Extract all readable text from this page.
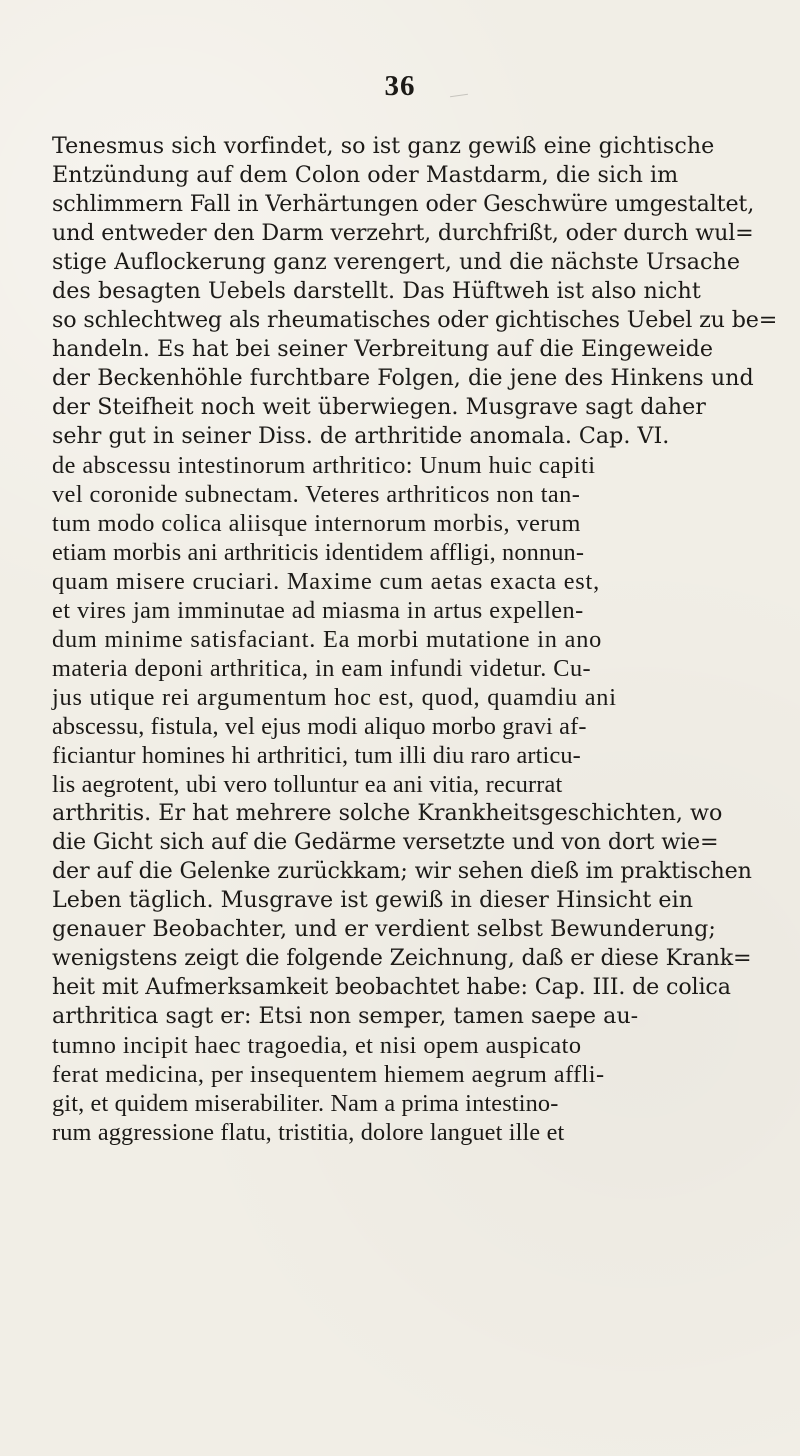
36
Tenesmus sich vorfindet, so ist ganz gewiß eine gichtische
Entzündung auf dem Colon oder Mastdarm, die sich im
schlimmern Fall in Verhärtungen oder Geschwüre umgestaltet,
und entweder den Darm verzehrt, durchfrißt, oder durch wul=
stige Auflockerung ganz verengert, und die nächste Ursache
des besagten Uebels darstellt. Das Hüftweh ist also nicht
so schlechtweg als rheumatisches oder gichtisches Uebel zu be=
handeln. Es hat bei seiner Verbreitung auf die Eingeweide
der Beckenhöhle furchtbare Folgen, die jene des Hinkens und
der Steifheit noch weit überwiegen. Musgrave sagt daher
sehr gut in seiner Diss. de arthritide anomala. Cap. VI.
de abscessu intestinorum arthritico: Unum huic capiti
vel coronide subnectam. Veteres arthriticos non tan-
tum modo colica aliisque internorum morbis, verum
etiam morbis ani arthriticis identidem affligi, nonnun-
quam misere cruciari. Maxime cum aetas exacta est,
et vires jam imminutae ad miasma in artus expellen-
dum minime satisfaciant. Ea morbi mutatione in ano
materia deponi arthritica, in eam infundi videtur. Cu-
jus utique rei argumentum hoc est, quod, quamdiu ani
abscessu, fistula, vel ejus modi aliquo morbo gravi af-
ficiantur homines hi arthritici, tum illi diu raro articu-
lis aegrotent, ubi vero tolluntur ea ani vitia, recurrat
arthritis. Er hat mehrere solche Krankheitsgeschichten, wo
die Gicht sich auf die Gedärme versetzte und von dort wie=
der auf die Gelenke zurückkam; wir sehen dieß im praktischen
Leben täglich. Musgrave ist gewiß in dieser Hinsicht ein
genauer Beobachter, und er verdient selbst Bewunderung;
wenigstens zeigt die folgende Zeichnung, daß er diese Krank=
heit mit Aufmerksamkeit beobachtet habe: Cap. III. de colica
arthritica sagt er: Etsi non semper, tamen saepe au-
tumno incipit haec tragoedia, et nisi opem auspicato
ferat medicina, per insequentem hiemem aegrum affli-
git, et quidem miserabiliter. Nam a prima intestino-
rum aggressione flatu, tristitia, dolore languet ille et
